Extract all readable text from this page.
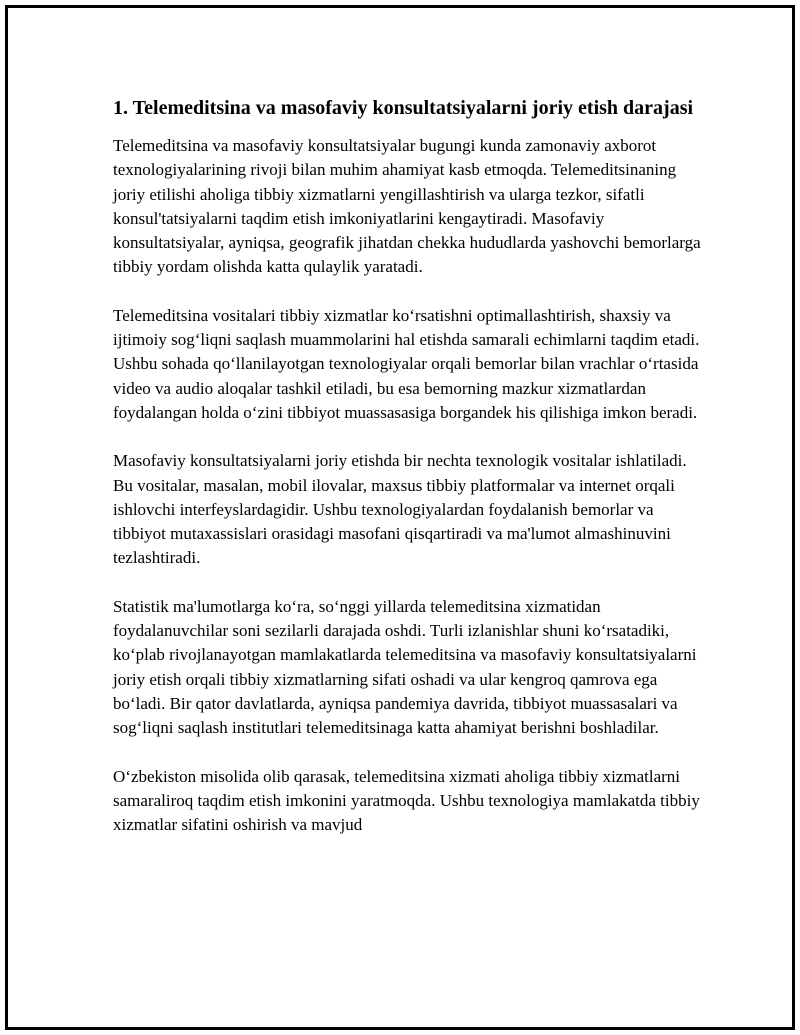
1. Telemeditsina va masofaviy konsultatsiyalarni joriy etish darajasi

Telemeditsina va masofaviy konsultatsiyalar bugungi kunda zamonaviy axborot texnologiyalarining rivoji bilan muhim ahamiyat kasb etmoqda. Telemeditsinaning joriy etilishi aholiga tibbiy xizmatlarni yengillashtirish va ularga tezkor, sifatli konsul'tatsiyalarni taqdim etish imkoniyatlarini kengaytiradi. Masofaviy konsultatsiyalar, ayniqsa, geografik jihatdan chekka hududlarda yashovchi bemorlarga tibbiy yordam olishda katta qulaylik yaratadi.

Telemeditsina vositalari tibbiy xizmatlar koʻrsatishni optimallashtirish, shaxsiy va ijtimoiy sogʻliqni saqlash muammolarini hal etishda samarali echimlarni taqdim etadi. Ushbu sohada qoʻllanilayotgan texnologiyalar orqali bemorlar bilan vrachlar oʻrtasida video va audio aloqalar tashkil etiladi, bu esa bemorning mazkur xizmatlardan foydalangan holda oʻzini tibbiyot muassasasiga borgandek his qilishiga imkon beradi.

Masofaviy konsultatsiyalarni joriy etishda bir nechta texnologik vositalar ishlatiladi. Bu vositalar, masalan, mobil ilovalar, maxsus tibbiy platformalar va internet orqali ishlovchi interfeyslardagidir. Ushbu texnologiyalardan foydalanish bemorlar va tibbiyot mutaxassislari orasidagi masofani qisqartiradi va ma'lumot almashinuvini tezlashtiradi.

Statistik ma'lumotlarga koʻra, soʻnggi yillarda telemeditsina xizmatidan foydalanuvchilar soni sezilarli darajada oshdi. Turli izlanishlar shuni koʻrsatadiki, koʻplab rivojlanayotgan mamlakatlarda telemeditsina va masofaviy konsultatsiyalarni joriy etish orqali tibbiy xizmatlarning sifati oshadi va ular kengroq qamrova ega boʻladi. Bir qator davlatlarda, ayniqsa pandemiya davrida, tibbiyot muassasalari va sogʻliqni saqlash institutlari telemeditsinaga katta ahamiyat berishni boshladilar.

Oʻzbekiston misolida olib qarasak, telemeditsina xizmati aholiga tibbiy xizmatlarni samaraliroq taqdim etish imkonini yaratmoqda. Ushbu texnologiya mamlakatda tibbiy xizmatlar sifatini oshirish va mavjud
